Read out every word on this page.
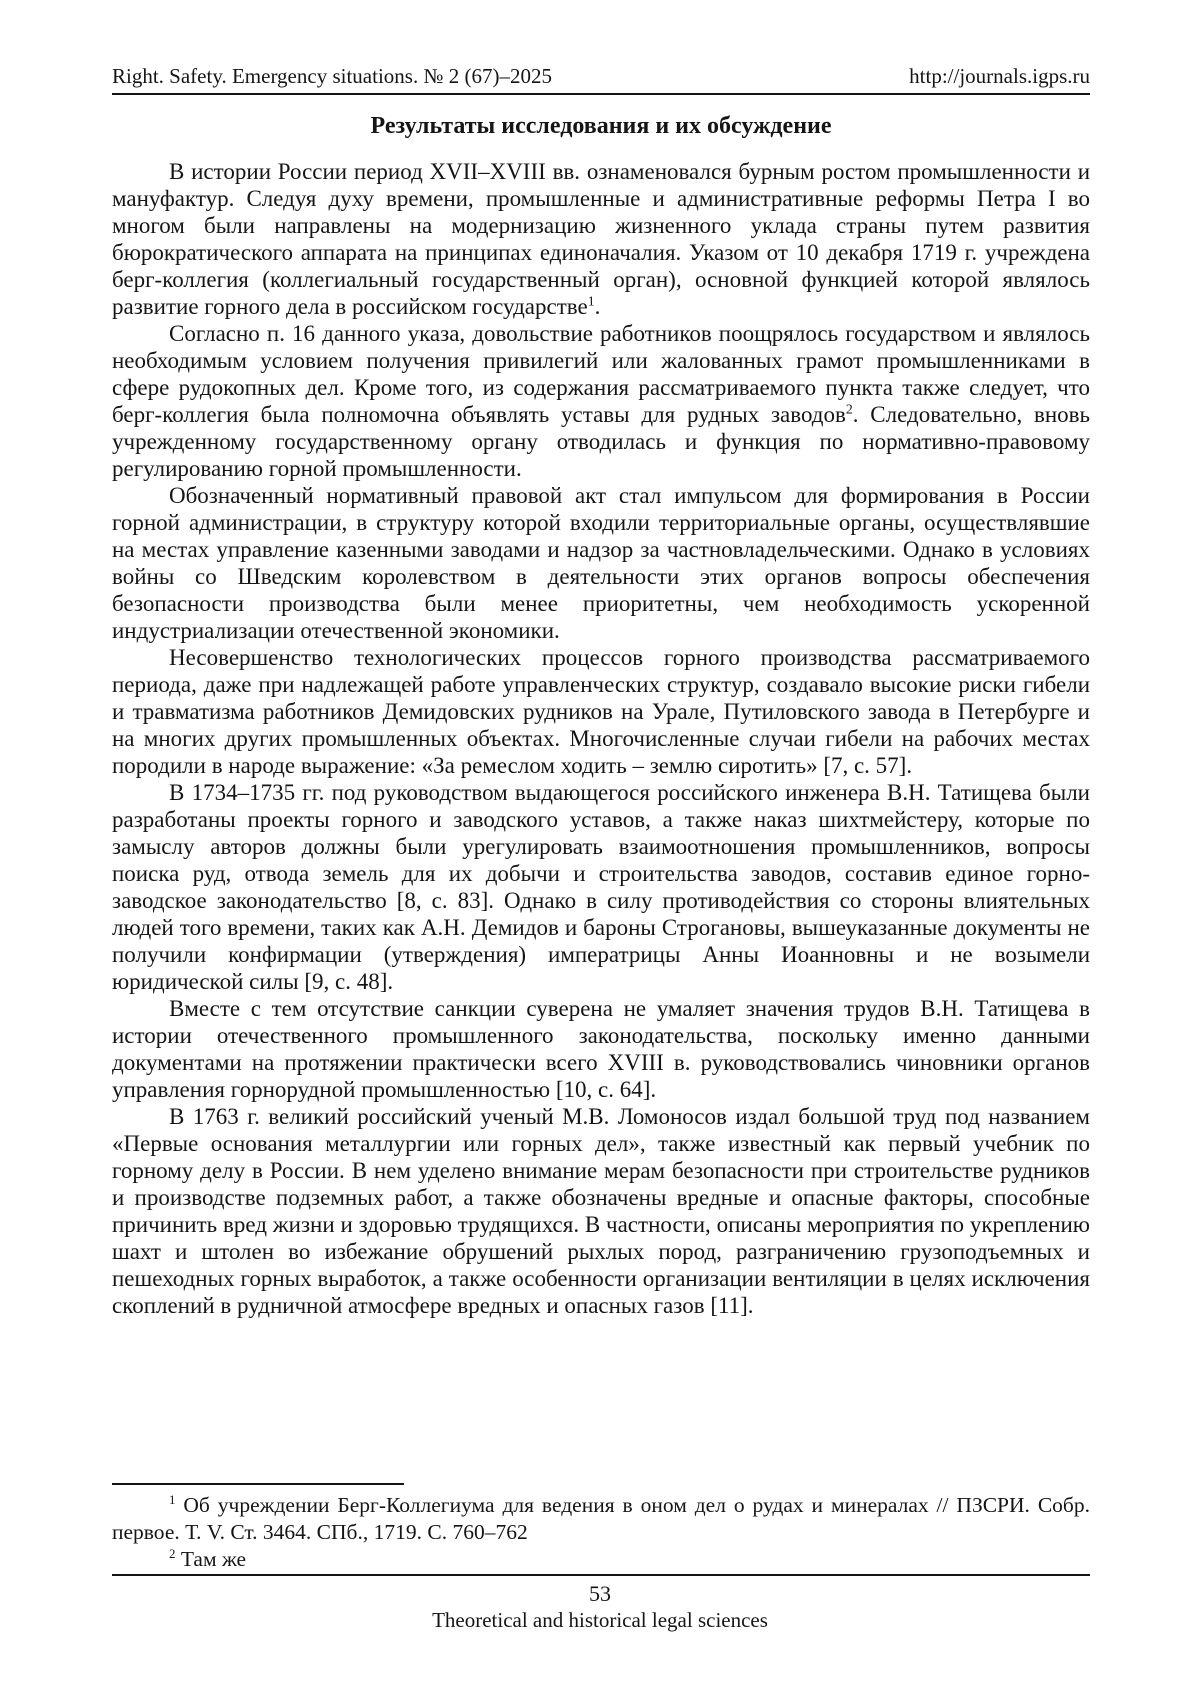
Right. Safety. Emergency situations. № 2 (67)–2025	http://journals.igps.ru
Результаты исследования и их обсуждение

В истории России период XVII–XVIII вв. ознаменовался бурным ростом промышленности и мануфактур. Следуя духу времени, промышленные и административные реформы Петра I во многом были направлены на модернизацию жизненного уклада страны путем развития бюрократического аппарата на принципах единоначалия. Указом от 10 декабря 1719 г. учреждена берг-коллегия (коллегиальный государственный орган), основной функцией которой являлось развитие горного дела в российском государстве$^1$.

Согласно п. 16 данного указа, довольствие работников поощрялось государством и являлось необходимым условием получения привилегий или жалованных грамот промышленниками в сфере рудокопных дел. Кроме того, из содержания рассматриваемого пункта также следует, что берг-коллегия была полномочна объявлять уставы для рудных заводов$^2$. Следовательно, вновь учрежденному государственному органу отводилась и функция по нормативно-правовому регулированию горной промышленности.

Обозначенный нормативный правовой акт стал импульсом для формирования в России горной администрации, в структуру которой входили территориальные органы, осуществлявшие на местах управление казенными заводами и надзор за частновладельческими. Однако в условиях войны со Шведским королевством в деятельности этих органов вопросы обеспечения безопасности производства были менее приоритетны, чем необходимость ускоренной индустриализации отечественной экономики.

Несовершенство технологических процессов горного производства рассматриваемого периода, даже при надлежащей работе управленческих структур, создавало высокие риски гибели и травматизма работников Демидовских рудников на Урале, Путиловского завода в Петербурге и на многих других промышленных объектах. Многочисленные случаи гибели на рабочих местах породили в народе выражение: «За ремеслом ходить – землю сиротить» [7, с. 57].

В 1734–1735 гг. под руководством выдающегося российского инженера В.Н. Татищева были разработаны проекты горного и заводского уставов, а также наказ шихтмейстеру, которые по замыслу авторов должны были урегулировать взаимоотношения промышленников, вопросы поиска руд, отвода земель для их добычи и строительства заводов, составив единое горно-заводское законодательство [8, с. 83]. Однако в силу противодействия со стороны влиятельных людей того времени, таких как А.Н. Демидов и бароны Строгановы, вышеуказанные документы не получили конфирмации (утверждения) императрицы Анны Иоанновны и не возымели юридической силы [9, с. 48].

Вместе с тем отсутствие санкции суверена не умаляет значения трудов В.Н. Татищева в истории отечественного промышленного законодательства, поскольку именно данными документами на протяжении практически всего XVIII в. руководствовались чиновники органов управления горнорудной промышленностью [10, с. 64].

В 1763 г. великий российский ученый М.В. Ломоносов издал большой труд под названием «Первые основания металлургии или горных дел», также известный как первый учебник по горному делу в России. В нем уделено внимание мерам безопасности при строительстве рудников и производстве подземных работ, а также обозначены вредные и опасные факторы, способные причинить вред жизни и здоровью трудящихся. В частности, описаны мероприятия по укреплению шахт и штолен во избежание обрушений рыхлых пород, разграничению грузоподъемных и пешеходных горных выработок, а также особенности организации вентиляции в целях исключения скоплений в рудничной атмосфере вредных и опасных газов [11].

$^1$ Об учреждении Берг-Коллегиума для ведения в оном дел о рудах и минералах // ПЗСРИ. Собр. первое. Т. V. Ст. 3464. СПб., 1719. С. 760–762

$^2$ Там же

53
Theoretical and historical legal sciences
